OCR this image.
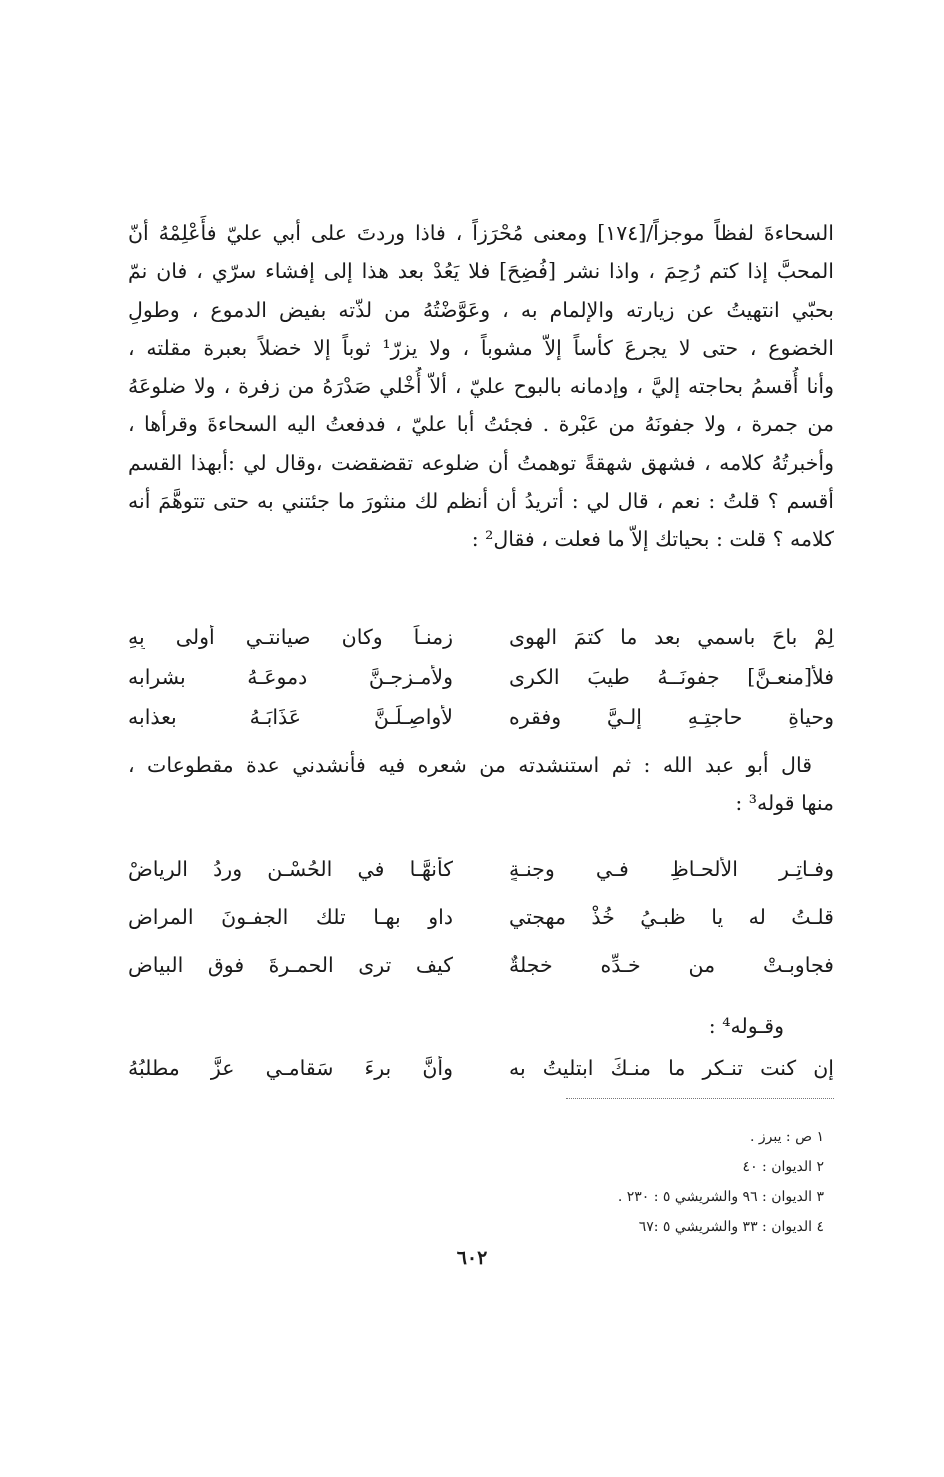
السحاءةَ لفظاً موجزاً/[١٧٤] ومعنى مُحْرَزاً ، فاذا وردتَ على أبي عليّ فأَعْلِمْهُ أنّ
المحبَّ إذا كتم رُحِمَ ، واذا نشر [فُضِحَ] فلا يَعُدْ بعد هذا إلى إفشاء سرّي ، فان نمّ
بحبّي انتهيتُ عن زيارته والإلمام به ، وعَوَّضْتُهُ من لذّته بفيض الدموع ، وطولِ
الخضوع ، حتى لا يجرعَ كأساً إلاّ مشوباً ، ولا يزرّ¹ ثوباً إلا خضلاً بعبرة مقلته ،
وأنا أُقسمُ بحاجته إليَّ ، وإدمانه بالبوح عليّ ، ألاّ أُخْلي صَدْرَهُ من زفرة ، ولا ضلوعَهُ
من جمرة ، ولا جفونَهُ من عَبْرة . فجئتُ أبا عليّ ، فدفعتُ اليه السحاءةَ وقرأها ،
وأخبرتُهُ كلامه ، فشهق شهقةً توهمتُ أن ضلوعه تقضقضت ،وقال لي :أبهذا القسم
أقسم ؟ قلتُ : نعم ، قال لي : أتريدُ أن أنظم لك منثورَ ما جئتني به حتى تتوهَّمَ أنه
كلامه ؟ قلت : بحياتك إلاّ ما فعلت ، فقال² :
لِمْ باحَ باسمي بعد ما كتمَ الهوى
زمنـاً وكان صيانتـي أولى بِهِ
فلأ[منعـنَّ] جفونَــهُ طيبَ الكرى
ولأمـزجـنَّ دموعَـهُ بشرابه
وحياةِ حاجتِـهِ إلـيَّ وفقرِه
لأُواصِـلَـنَّ عَذَابَـهُ بعذابه
قال أبو عبد الله : ثم استنشدته من شعره فيه فأنشدني عدة مقطوعات ،
منها قوله³ :
وفـاتِـرِ الألحـاظِ فـي وجنـةٍ
كأنهَّـا في الحُسْـنِ وردُ الرياضْ
قلـتُ له يا ظبـيُ خُذْ مهجتي
داوِ بهـا تلك الجفـونَ المراض
فجاوبـتْ من خـدِّه خجلةٌ
كيف ترى الحمـرةَ فوق البياضِ
وقـوله⁴ :
إن كنت تنـكر ما منـكَ ابتليتُ به
وأنَّ برءَ سَقامـي عزَّ مطلبُهُ
١ ص : يبرز .
٢ الديوان : ٤٠
٣ الديوان : ٩٦ والشريشي ٥ : ٢٣٠ .
٤ الديوان : ٣٣ والشريشي ٥ :٦٧
٦٠٢
